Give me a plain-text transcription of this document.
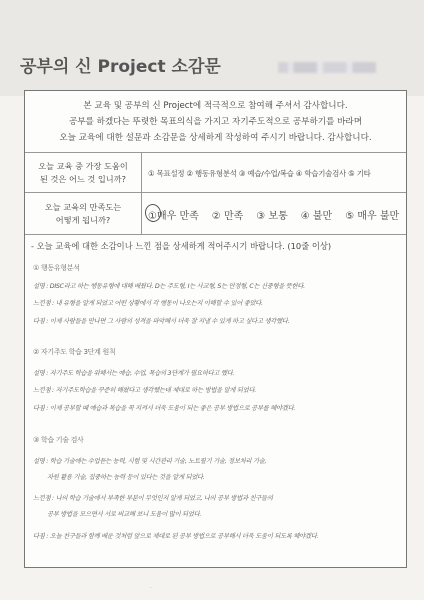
공부의 신 Project 소감문

본 교육 및 공부의 신 Project에 적극적으로 참여해 주셔서 감사합니다.

공부를 하겠다는 뚜렷한 목표의식을 가지고 자기주도적으로 공부하기를 바라며

오늘 교육에 대한 설문과 소감문을 상세하게 작성하여 주시기 바랍니다. 감사합니다.

오늘 교육 중 가장 도움이
된 것은 어느 것 입니까?
① 목표설정 ② 행동유형분석 ③ 예습/수업/복습 ④ 학습기술검사 ⑤ 기타
오늘 교육의 만족도는
어떻게 됩니까?	①매우 만족 ② 만족 ③ 보통 ④ 불만 ⑤ 매우 불만
- 오늘 교육에 대한 소감이나 느낀 점을 상세하게 적어주시기 바랍니다. (10줄 이상)
① 행동유형분석
설명 : DISC라고 하는 행동유형에 대해 배웠다. D는 주도형, I는 사교형, S는 안정형, C는 신중형을 뜻한다.
느낀점 : 내 유형을 알게 되었고 어떤 상황에서 각 행동이 나오는지 이해할 수 있어 좋았다.
다짐 : 이제 사람들을 만나면 그 사람의 성격을 파악해서 더욱 잘 지낼 수 있게 하고 싶다고 생각했다.
② 자기주도 학습 3단계 원칙
설명 : 자기주도 학습을 위해서는 예습, 수업, 복습의 3단계가 필요하다고 했다.
느낀점 : 자기주도학습을 꾸준히 해왔다고 생각했는데 제대로 하는 방법을 알게 되었다.
다짐 : 이제 공부할 때 예습과 복습을 꼭 지켜서 더욱 도움이 되는 좋은 공부 방법으로 공부를 해야겠다.
③ 학습 기술 검사
설명 : 학습 기술에는 수업듣는 능력, 시험 및 시간관리 기술, 노트필기 기술, 정보처리 기술,
자원 활용 기술, 집중하는 능력 등이 있다는 것을 알게 되었다.
느낀점 : 나의 학습 기술에서 부족한 부분이 무엇인지 알게 되었고, 나의 공부 방법과 친구들의
공부 방법을 모으면서 서로 비교해 보니 도움이 많이 되었다.
다짐 : 오늘 친구들과 함께 배운 것처럼 앞으로 제대로 된 공부 방법으로 공부해서 더욱 도움이 되도록 해야겠다.
·
